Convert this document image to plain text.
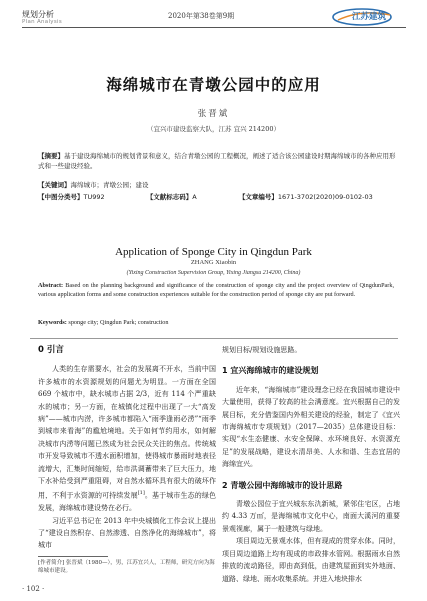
规划分析
Plan Analysis
2020年第38卷第9期	江苏建筑
海绵城市在青墩公园中的应用
张晋斌
（宜兴市建设监察大队，江苏 宜兴 214200）
【摘要】基于建设海绵城市的规划背景和意义，结合青墩公园的工程概况，阐述了适合该公园建设时期海绵城市的各种应用形式和一些建设经验。
【关键词】海绵城市；青墩公园；建设
【中图分类号】TU992	【文献标志码】A	【文章编号】1671-3702(2020)09-0102-03
Application of Sponge City in Qingdun Park
ZHANG Xiaobin
(Yixing Construction Supervision Group, Yixing Jiangsu 214200, China)
Abstract: Based on the planning background and significance of the construction of sponge city and the project overview of QingdunPark, various application forms and some construction experiences suitable for the construction period of sponge city are put forward.
Keywords: sponge city; Qingdun Park; construction
0 引言

人类的生存需要水，社会的发展离不开水，当前中国许多城市的水资源规划的问题尤为明显。一方面在全国 669 个城市中，缺水城市占据 2/3，近有 114 个严重缺水的城市；另一方面，在城镇化过程中出现了一大“高发病”——城市内涝，许多城市都陷入“雨季逢雨必涝”“雨季到城市来看海”的尴尬境地。关于如何节约用水，如何解决城市内涝等问题已然成为社会民众关注的焦点。传统城市开发导致城市不透水面积增加，使得城市暴雨时地表径流增大，汇集时间缩短，给市洪调蓄带来了巨大压力，地下水补给受到严重阻碍，对自然水循环具有很大的破坏作用，不利于水资源的可持续发展[1]。基于城市生态的绿色发展，海绵城市建设势在必行。

习近平总书记在 2013 年中央城镇化工作会议上提出了“建设自然积存、自然渗透、自然净化的海绵城市”，将城市

规划目标/规划设施思路。

1 宜兴海绵城市的建设规划

近年来，“海绵城市”建设理念已经在我国城市建设中大量使用，获得了较高的社会满意度。宜兴根据自己的发展目标，充分借鉴国内外相关建设的经验，制定了《宜兴市海绵城市专项规划》（2017—2035）总体建设目标：实现“水生态健康、水安全保障、水环境良好、水资源充足”的发展战略，建设水清昂美、人水和谐、生态宜居的海绵宜兴。

2 青墩公园中海绵城市的设计思路

青墩公园位于宜兴城东东氿新城，紧邻住宅区，占地约 4.33 万㎡，是海绵城市文化中心，南面大溪河的重要景观视廊，属于一般建筑与绿地。

项目周边无景观水体，但有现成的贯穿水体。同时，项目周边道路上均有现成的市政排水管网。根据雨水自然排放的流动路径，即由高到低，由建筑屋面到实外地面、道路、绿地、雨水收集系统。并进入地块排水

[作者简介] 张晋斌（1980—），男，江苏宜兴人，工程师，研究方向为海绵城市建设。
· 102 ·
